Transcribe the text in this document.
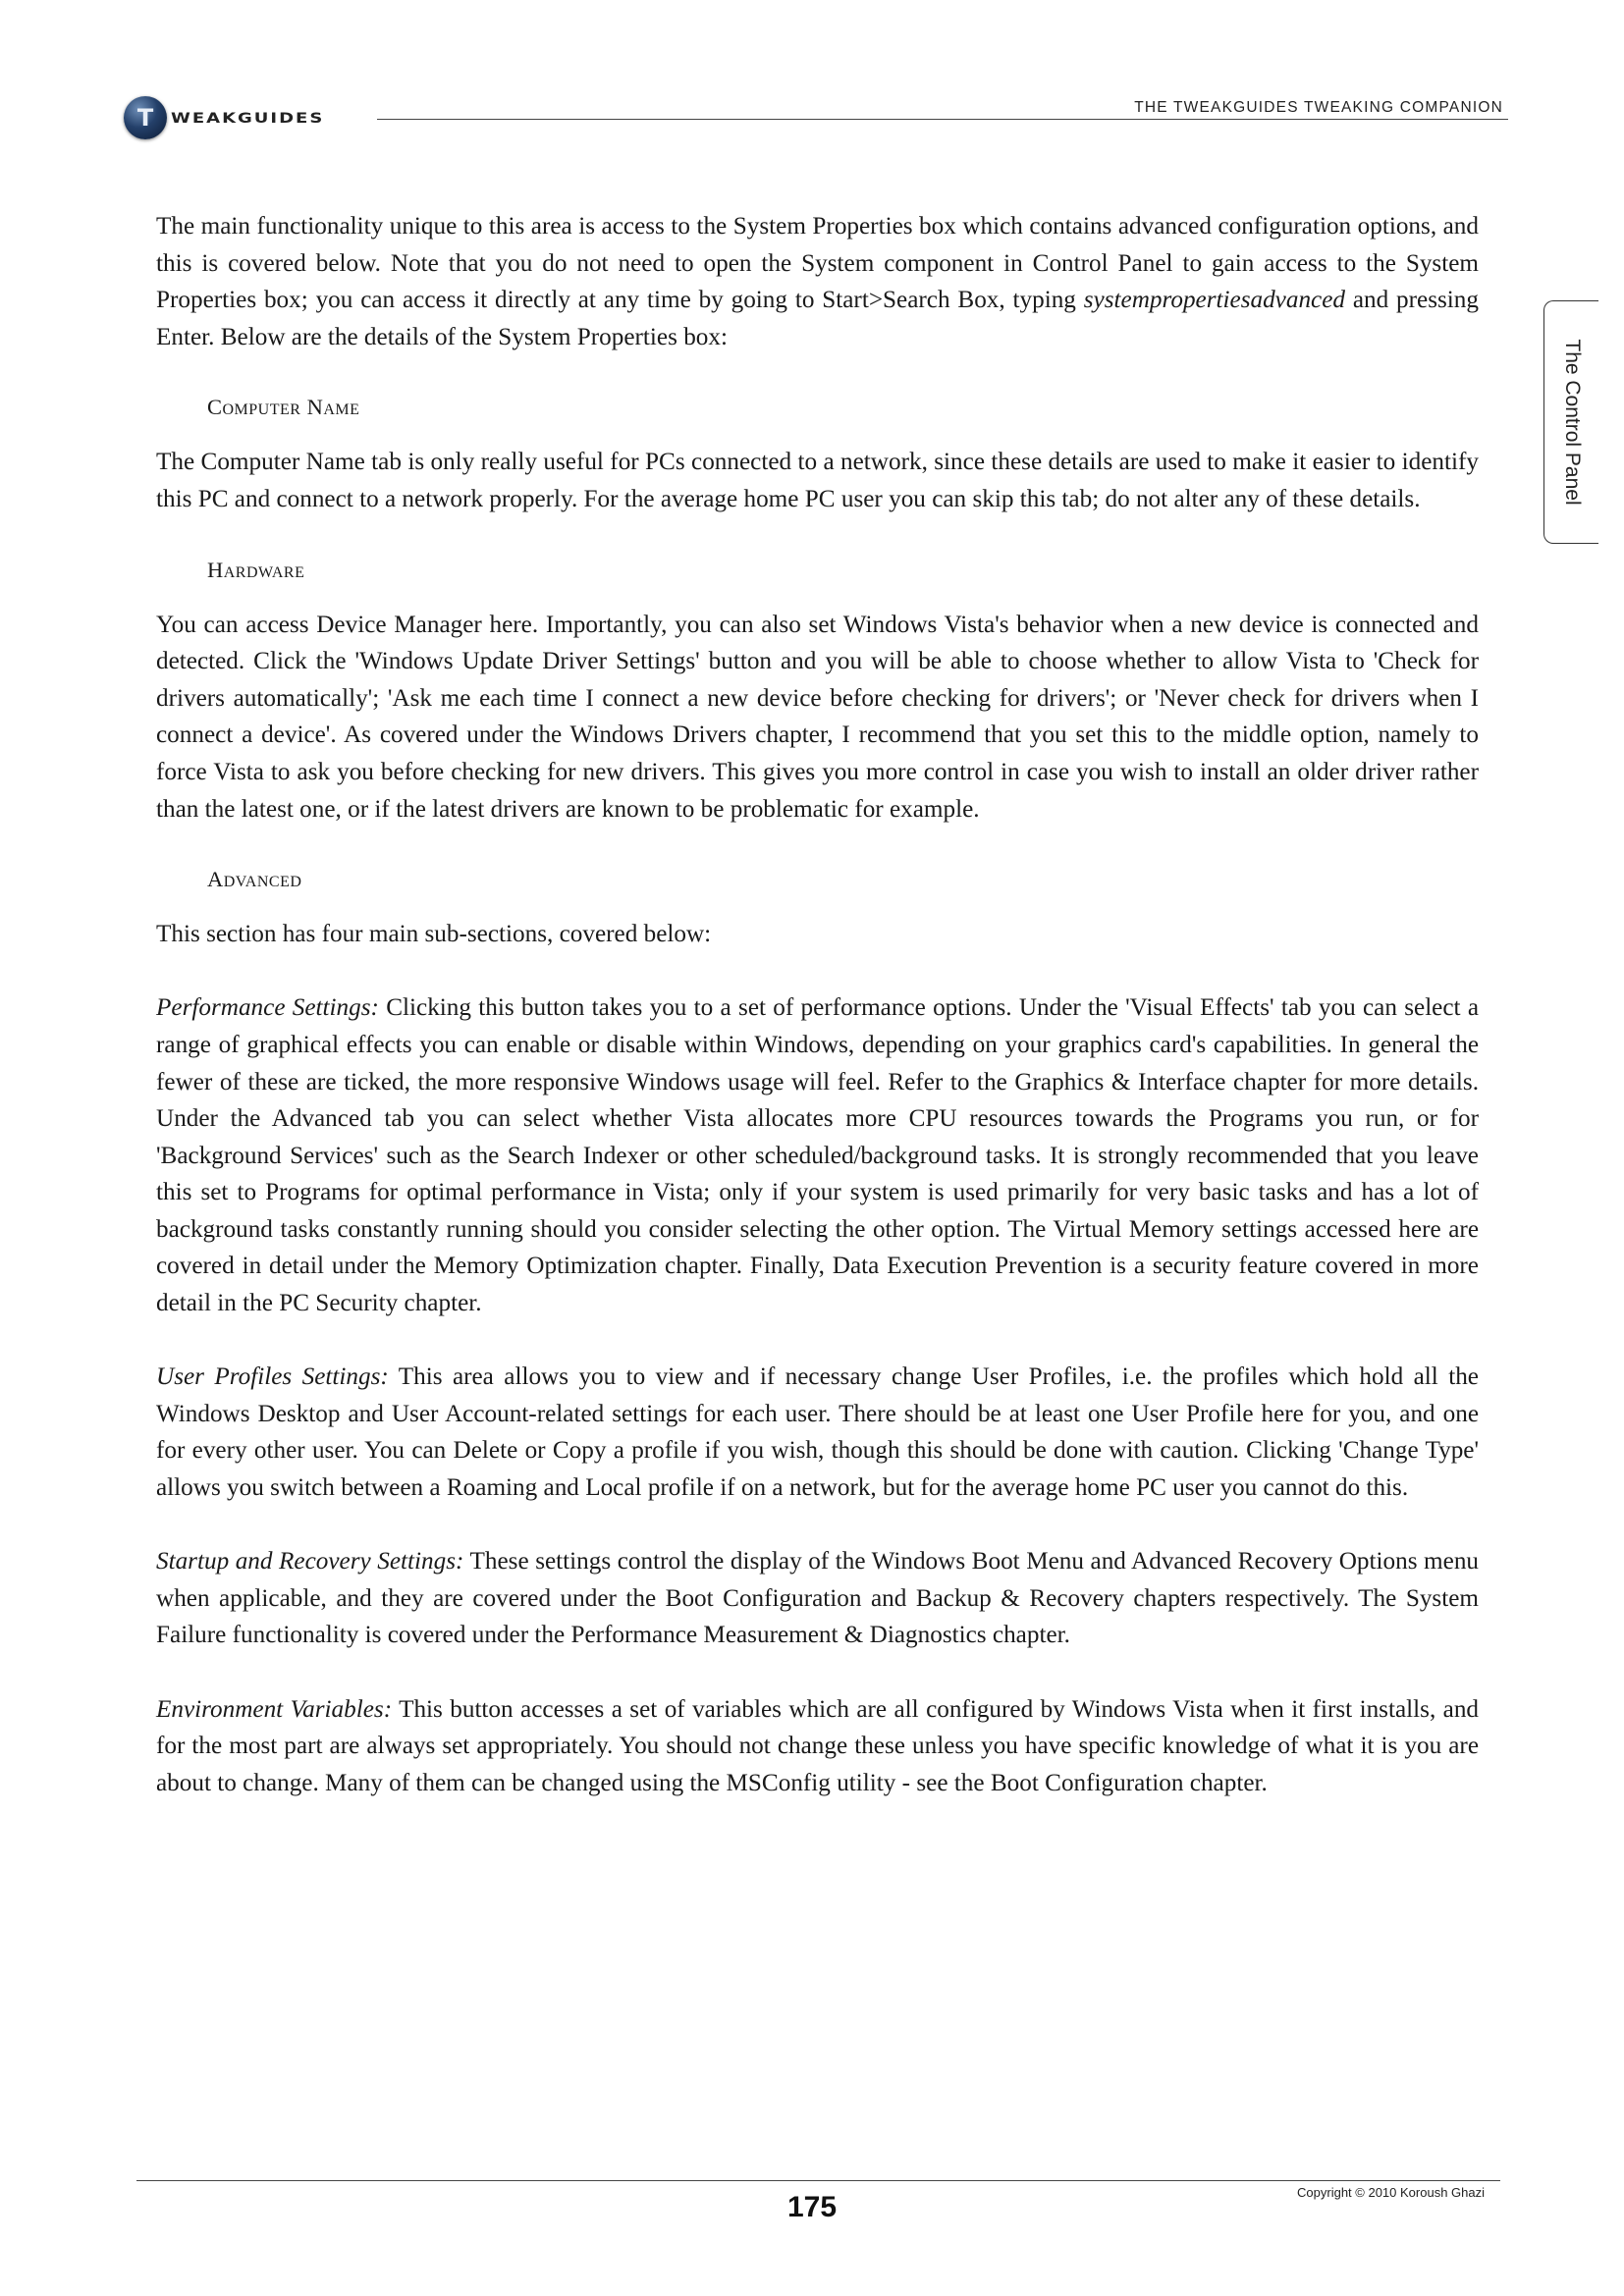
T WEAKGUIDES
THE TWEAKGUIDES TWEAKING COMPANION
The Control Panel

The main functionality unique to this area is access to the System Properties box which contains advanced configuration options, and this is covered below. Note that you do not need to open the System component in Control Panel to gain access to the System Properties box; you can access it directly at any time by going to Start>Search Box, typing systempropertiesadvanced and pressing Enter. Below are the details of the System Properties box:

Computer Name

The Computer Name tab is only really useful for PCs connected to a network, since these details are used to make it easier to identify this PC and connect to a network properly. For the average home PC user you can skip this tab; do not alter any of these details.

Hardware

You can access Device Manager here. Importantly, you can also set Windows Vista's behavior when a new device is connected and detected. Click the 'Windows Update Driver Settings' button and you will be able to choose whether to allow Vista to 'Check for drivers automatically'; 'Ask me each time I connect a new device before checking for drivers'; or 'Never check for drivers when I connect a device'. As covered under the Windows Drivers chapter, I recommend that you set this to the middle option, namely to force Vista to ask you before checking for new drivers. This gives you more control in case you wish to install an older driver rather than the latest one, or if the latest drivers are known to be problematic for example.

Advanced

This section has four main sub-sections, covered below:

Performance Settings: Clicking this button takes you to a set of performance options. Under the 'Visual Effects' tab you can select a range of graphical effects you can enable or disable within Windows, depending on your graphics card's capabilities. In general the fewer of these are ticked, the more responsive Windows usage will feel. Refer to the Graphics & Interface chapter for more details. Under the Advanced tab you can select whether Vista allocates more CPU resources towards the Programs you run, or for 'Background Services' such as the Search Indexer or other scheduled/background tasks. It is strongly recommended that you leave this set to Programs for optimal performance in Vista; only if your system is used primarily for very basic tasks and has a lot of background tasks constantly running should you consider selecting the other option. The Virtual Memory settings accessed here are covered in detail under the Memory Optimization chapter. Finally, Data Execution Prevention is a security feature covered in more detail in the PC Security chapter.

User Profiles Settings: This area allows you to view and if necessary change User Profiles, i.e. the profiles which hold all the Windows Desktop and User Account-related settings for each user. There should be at least one User Profile here for you, and one for every other user. You can Delete or Copy a profile if you wish, though this should be done with caution. Clicking 'Change Type' allows you switch between a Roaming and Local profile if on a network, but for the average home PC user you cannot do this.

Startup and Recovery Settings: These settings control the display of the Windows Boot Menu and Advanced Recovery Options menu when applicable, and they are covered under the Boot Configuration and Backup & Recovery chapters respectively. The System Failure functionality is covered under the Performance Measurement & Diagnostics chapter.

Environment Variables: This button accesses a set of variables which are all configured by Windows Vista when it first installs, and for the most part are always set appropriately. You should not change these unless you have specific knowledge of what it is you are about to change. Many of them can be changed using the MSConfig utility - see the Boot Configuration chapter.

Copyright © 2010 Koroush Ghazi
175
